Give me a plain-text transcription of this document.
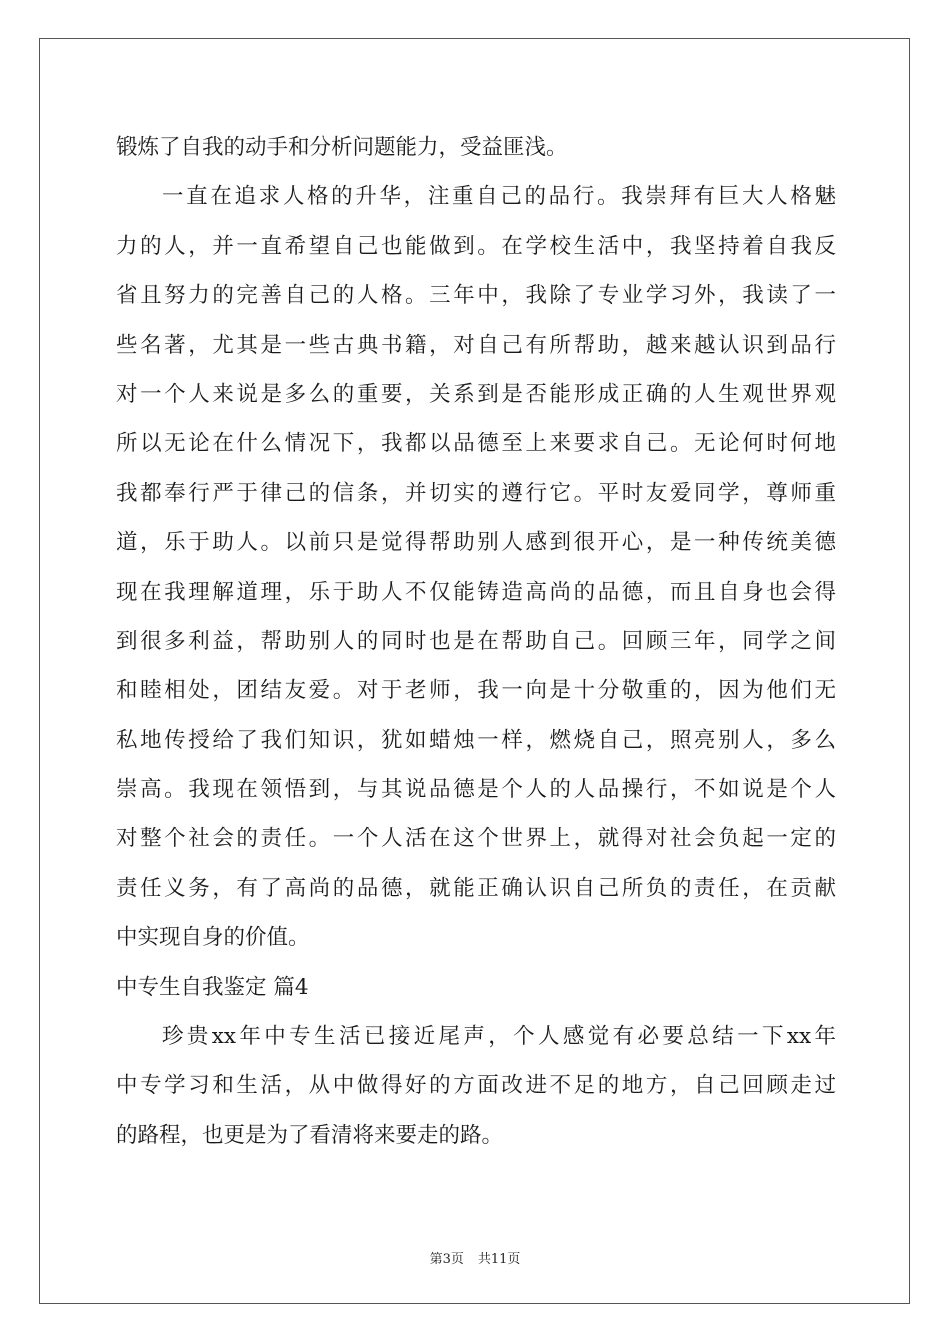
锻炼了自我的动手和分析问题能力，受益匪浅。
一直在追求人格的升华，注重自己的品行。我崇拜有巨大人格魅
力的人，并一直希望自己也能做到。在学校生活中，我坚持着自我反
省且努力的完善自己的人格。三年中，我除了专业学习外，我读了一
些名著，尤其是一些古典书籍，对自己有所帮助，越来越认识到品行
对一个人来说是多么的重要，关系到是否能形成正确的人生观世界观
所以无论在什么情况下，我都以品德至上来要求自己。无论何时何地
我都奉行严于律己的信条，并切实的遵行它。平时友爱同学，尊师重
道，乐于助人。以前只是觉得帮助别人感到很开心，是一种传统美德
现在我理解道理，乐于助人不仅能铸造高尚的品德，而且自身也会得
到很多利益，帮助别人的同时也是在帮助自己。回顾三年，同学之间
和睦相处，团结友爱。对于老师，我一向是十分敬重的，因为他们无
私地传授给了我们知识，犹如蜡烛一样，燃烧自己，照亮别人，多么
崇高。我现在领悟到，与其说品德是个人的人品操行，不如说是个人
对整个社会的责任。一个人活在这个世界上，就得对社会负起一定的
责任义务，有了高尚的品德，就能正确认识自己所负的责任，在贡献
中实现自身的价值。
中专生自我鉴定 篇4
珍贵xx年中专生活已接近尾声，个人感觉有必要总结一下xx年
中专学习和生活，从中做得好的方面改进不足的地方，自己回顾走过
的路程，也更是为了看清将来要走的路。
第3页 共11页
